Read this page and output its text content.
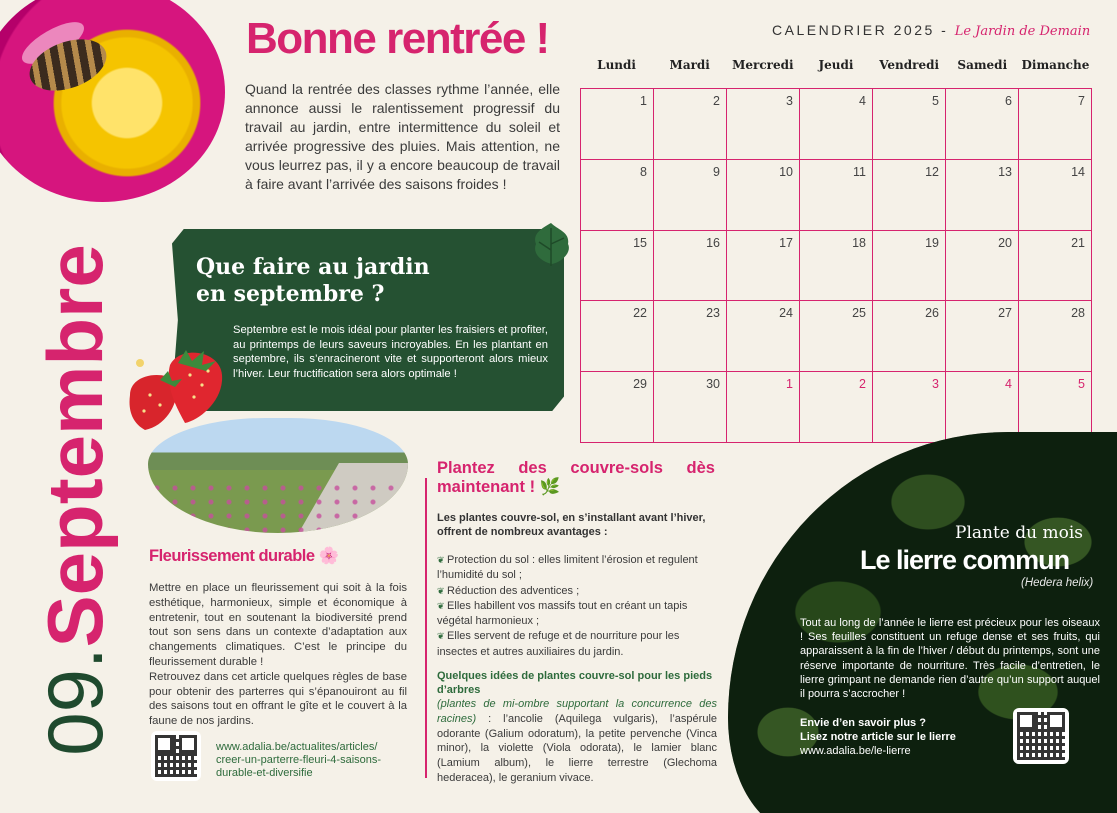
09.Septembre
Bonne rentrée !

Quand la rentrée des classes rythme l’année, elle annonce aussi le ralentissement progressif du travail au jardin, entre intermittence du soleil et arrivée progressive des pluies. Mais attention, ne vous leurrez pas, il y a encore beaucoup de travail à faire avant l’arrivée des saisons froides !

CALENDRIER 2025 - Le Jardin de Demain
Lundi	Mardi	Mercredi	Jeudi	Vendredi	Samedi	Dimanche
1	2	3	4	5	6	7
8	9	10	11	12	13	14
15	16	17	18	19	20	21
22	23	24	25	26	27	28
29	30	1	2	3	4	5
Que faire au jardin
en septembre ?

Septembre est le mois idéal pour planter les fraisiers et profiter, au printemps de leurs saveurs incroyables. En les plantant en septembre, ils s’enracineront vite et supporteront alors mieux l’hiver. Leur fructification sera alors optimale !

Fleurissement durable 🌸

Mettre en place un fleurissement qui soit à la fois esthétique, harmonieux, simple et économique à entretenir, tout en soutenant la biodiversité prend tout son sens dans un contexte d’adaptation aux changements climatiques. C’est le principe du fleurissement durable !

Retrouvez dans cet article quelques règles de base pour obtenir des parterres qui s’épanouiront au fil des saisons tout en offrant le gîte et le couvert à la faune de nos jardins.

www.adalia.be/actualites/articles/ creer-un-parterre-fleuri-4-saisons- durable-et-diversifie
Plantez des couvre-sols dès
maintenant ! 🌿

Les plantes couvre-sol, en s’installant avant l’hiver, offrent de nombreux avantages :

❦ Protection du sol : elles limitent l’érosion et regulent l’humidité du sol ;
❦ Réduction des adventices ;
❦ Elles habillent vos massifs tout en créant un tapis végétal harmonieux ;
❦ Elles servent de refuge et de nourriture pour les insectes et autres auxiliaires du jardin.

Quelques idées de plantes couvre-sol pour les pieds d’arbres

(plantes de mi-ombre supportant la concurrence des racines) : l’ancolie (Aquilega vulgaris), l’aspérule odorante (Galium odoratum), la petite pervenche (Vinca minor), la violette (Viola odorata), le lamier blanc (Lamium album), le lierre terrestre (Glechoma hederacea), le geranium vivace.

Plante du mois
Le lierre commun
(Hedera helix)

Tout au long de l’année le lierre est précieux pour les oiseaux ! Ses feuilles constituent un refuge dense et ses fruits, qui apparaissent à la fin de l’hiver / début du printemps, sont une réserve importante de nourriture. Très facile d’entretien, le lierre grimpant ne demande rien d’autre qu’un support auquel il pourra s’accrocher !

Envie d’en savoir plus ?
Lisez notre article sur le lierre
www.adalia.be/le-lierre
